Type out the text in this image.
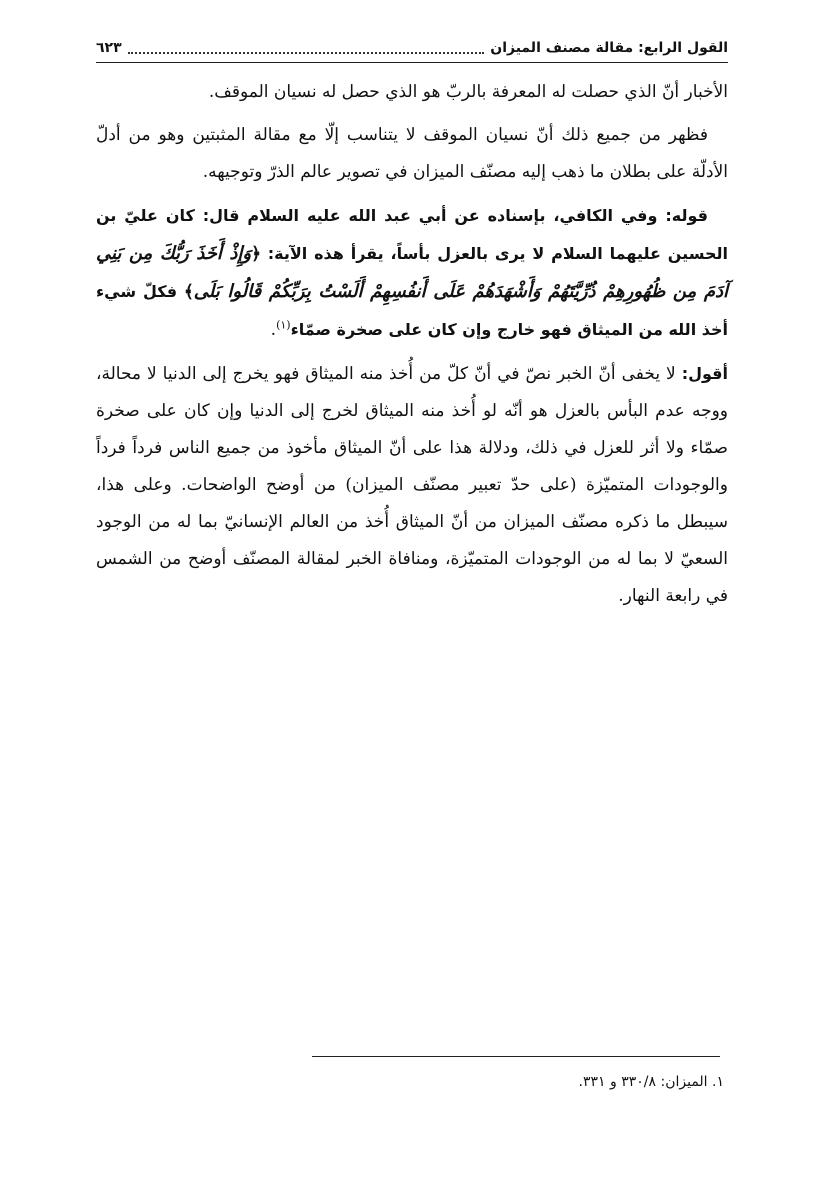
القول الرابع: مقالة مصنف الميزان
٦٢٣

الأخبار أنّ الذي حصلت له المعرفة بالربّ هو الذي حصل له نسيان الموقف.

فظهر من جميع ذلك أنّ نسيان الموقف لا يتناسب إلّا مع مقالة المثبتين وهو من أدلّ الأدلّة على بطلان ما ذهب إليه مصنّف الميزان في تصوير عالم الذرّ وتوجيهه.

قوله: وفي الكافي، بإسناده عن أبي عبد الله عليه السلام قال: كان عليّ بن الحسين عليهما السلام لا يرى بالعزل بأساً، يقرأ هذه الآية: ﴿وَإِذْ أَخَذَ رَبُّكَ مِن بَنِي آدَمَ مِن ظُهُورِهِمْ ذُرِّيَّتَهُمْ وَأَشْهَدَهُمْ عَلَى أَنفُسِهِمْ أَلَسْتُ بِرَبِّكُمْ قَالُوا بَلَى﴾ فكلّ شيء أخذ الله من الميثاق فهو خارج وإن كان على صخرة صمّاء$^{(١)}$.

أقول: لا يخفى أنّ الخبر نصّ في أنّ كلّ من أُخذ منه الميثاق فهو يخرج إلى الدنيا لا محالة، ووجه عدم البأس بالعزل هو أنّه لو أُخذ منه الميثاق لخرج إلى الدنيا وإن كان على صخرة صمّاء ولا أثر للعزل في ذلك، ودلالة هذا على أنّ الميثاق مأخوذ من جميع الناس فرداً فرداً والوجودات المتميّزة (على حدّ تعبير مصنّف الميزان) من أوضح الواضحات. وعلى هذا، سيبطل ما ذكره مصنّف الميزان من أنّ الميثاق أُخذ من العالم الإنسانيّ بما له من الوجود السعيّ لا بما له من الوجودات المتميّزة، ومنافاة الخبر لمقالة المصنّف أوضح من الشمس في رابعة النهار.

١. الميزان: ٣٣٠/٨ و ٣٣١.
